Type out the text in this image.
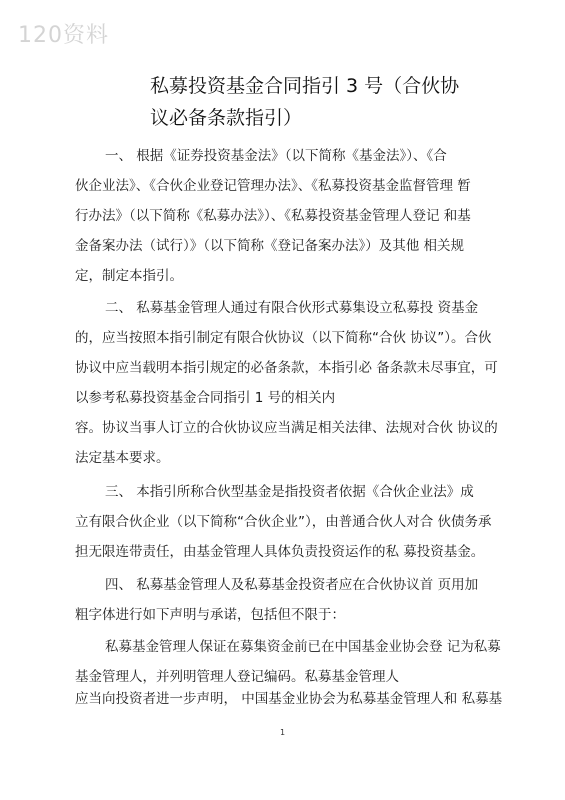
120资料
私募投资基金合同指引 3 号（合伙协
议必备条款指引）
一、 根据《证券投资基金法》（以下简称《基金法》）、《合
伙企业法》、《合伙企业登记管理办法》、《私募投资基金监督管理 暂
行办法》（以下简称《私募办法》）、《私募投资基金管理人登记 和基
金备案办法（试行）》（以下简称《登记备案办法》）及其他 相关规
定，制定本指引。
二、 私募基金管理人通过有限合伙形式募集设立私募投 资基金
的，应当按照本指引制定有限合伙协议（以下简称“合伙 协议”）。合伙
协议中应当载明本指引规定的必备条款，本指引必 备条款未尽事宜，可
以参考私募投资基金合同指引 1 号的相关内
容。协议当事人订立的合伙协议应当满足相关法律、法规对合伙 协议的
法定基本要求。
三、 本指引所称合伙型基金是指投资者依据《合伙企业法》成
立有限合伙企业（以下简称“合伙企业”），由普通合伙人对合 伙债务承
担无限连带责任，由基金管理人具体负责投资运作的私 募投资基金。
四、 私募基金管理人及私募基金投资者应在合伙协议首 页用加
粗字体进行如下声明与承诺，包括但不限于：
私募基金管理人保证在募集资金前已在中国基金业协会登 记为私募
基金管理人，并列明管理人登记编码。私募基金管理人
应当向投资者进一步声明， 中国基金业协会为私募基金管理人和 私募基
1
